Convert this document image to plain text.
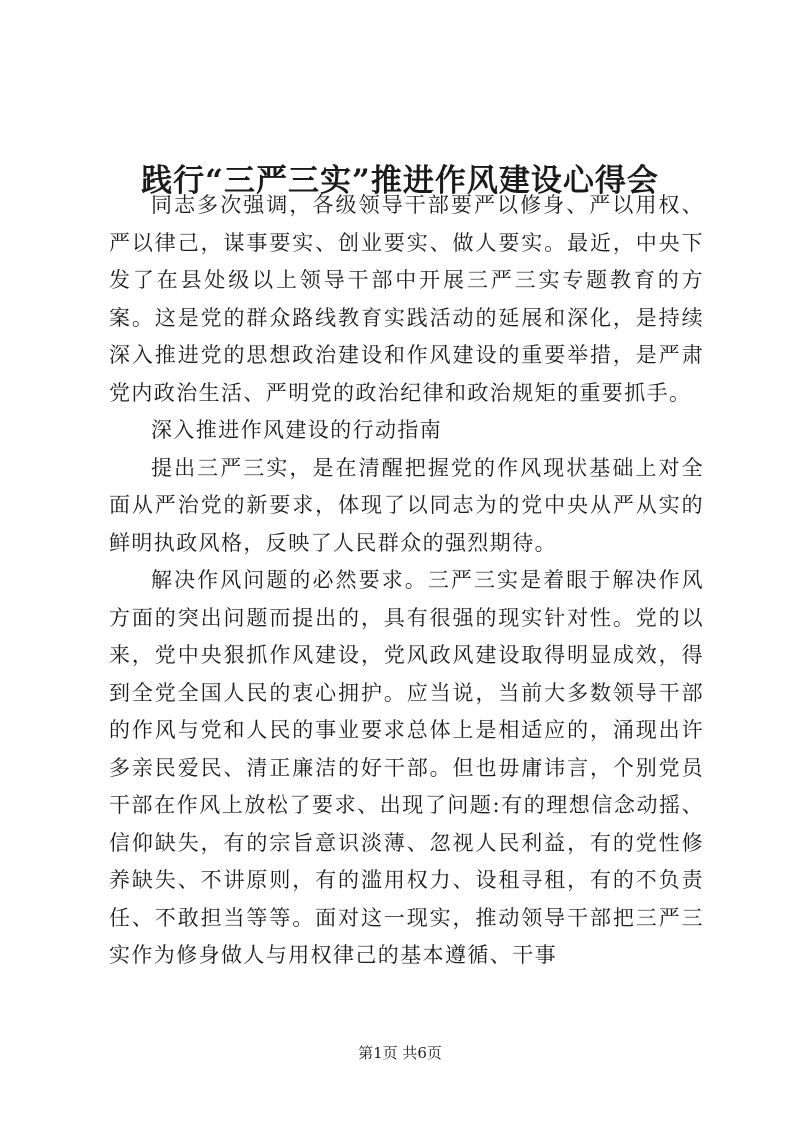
践行“三严三实”推进作风建设心得会

同志多次强调，各级领导干部要严以修身、严以用权、严以律己，谋事要实、创业要实、做人要实。最近，中央下发了在县处级以上领导干部中开展三严三实专题教育的方案。这是党的群众路线教育实践活动的延展和深化，是持续深入推进党的思想政治建设和作风建设的重要举措，是严肃党内政治生活、严明党的政治纪律和政治规矩的重要抓手。

深入推进作风建设的行动指南

提出三严三实，是在清醒把握党的作风现状基础上对全面从严治党的新要求，体现了以同志为的党中央从严从实的鲜明执政风格，反映了人民群众的强烈期待。

解决作风问题的必然要求。三严三实是着眼于解决作风方面的突出问题而提出的，具有很强的现实针对性。党的以来，党中央狠抓作风建设，党风政风建设取得明显成效，得到全党全国人民的衷心拥护。应当说，当前大多数领导干部的作风与党和人民的事业要求总体上是相适应的，涌现出许多亲民爱民、清正廉洁的好干部。但也毋庸讳言，个别党员干部在作风上放松了要求、出现了问题:有的理想信念动摇、信仰缺失，有的宗旨意识淡薄、忽视人民利益，有的党性修养缺失、不讲原则，有的滥用权力、设租寻租，有的不负责任、不敢担当等等。面对这一现实，推动领导干部把三严三实作为修身做人与用权律己的基本遵循、干事

第1页 共6页
